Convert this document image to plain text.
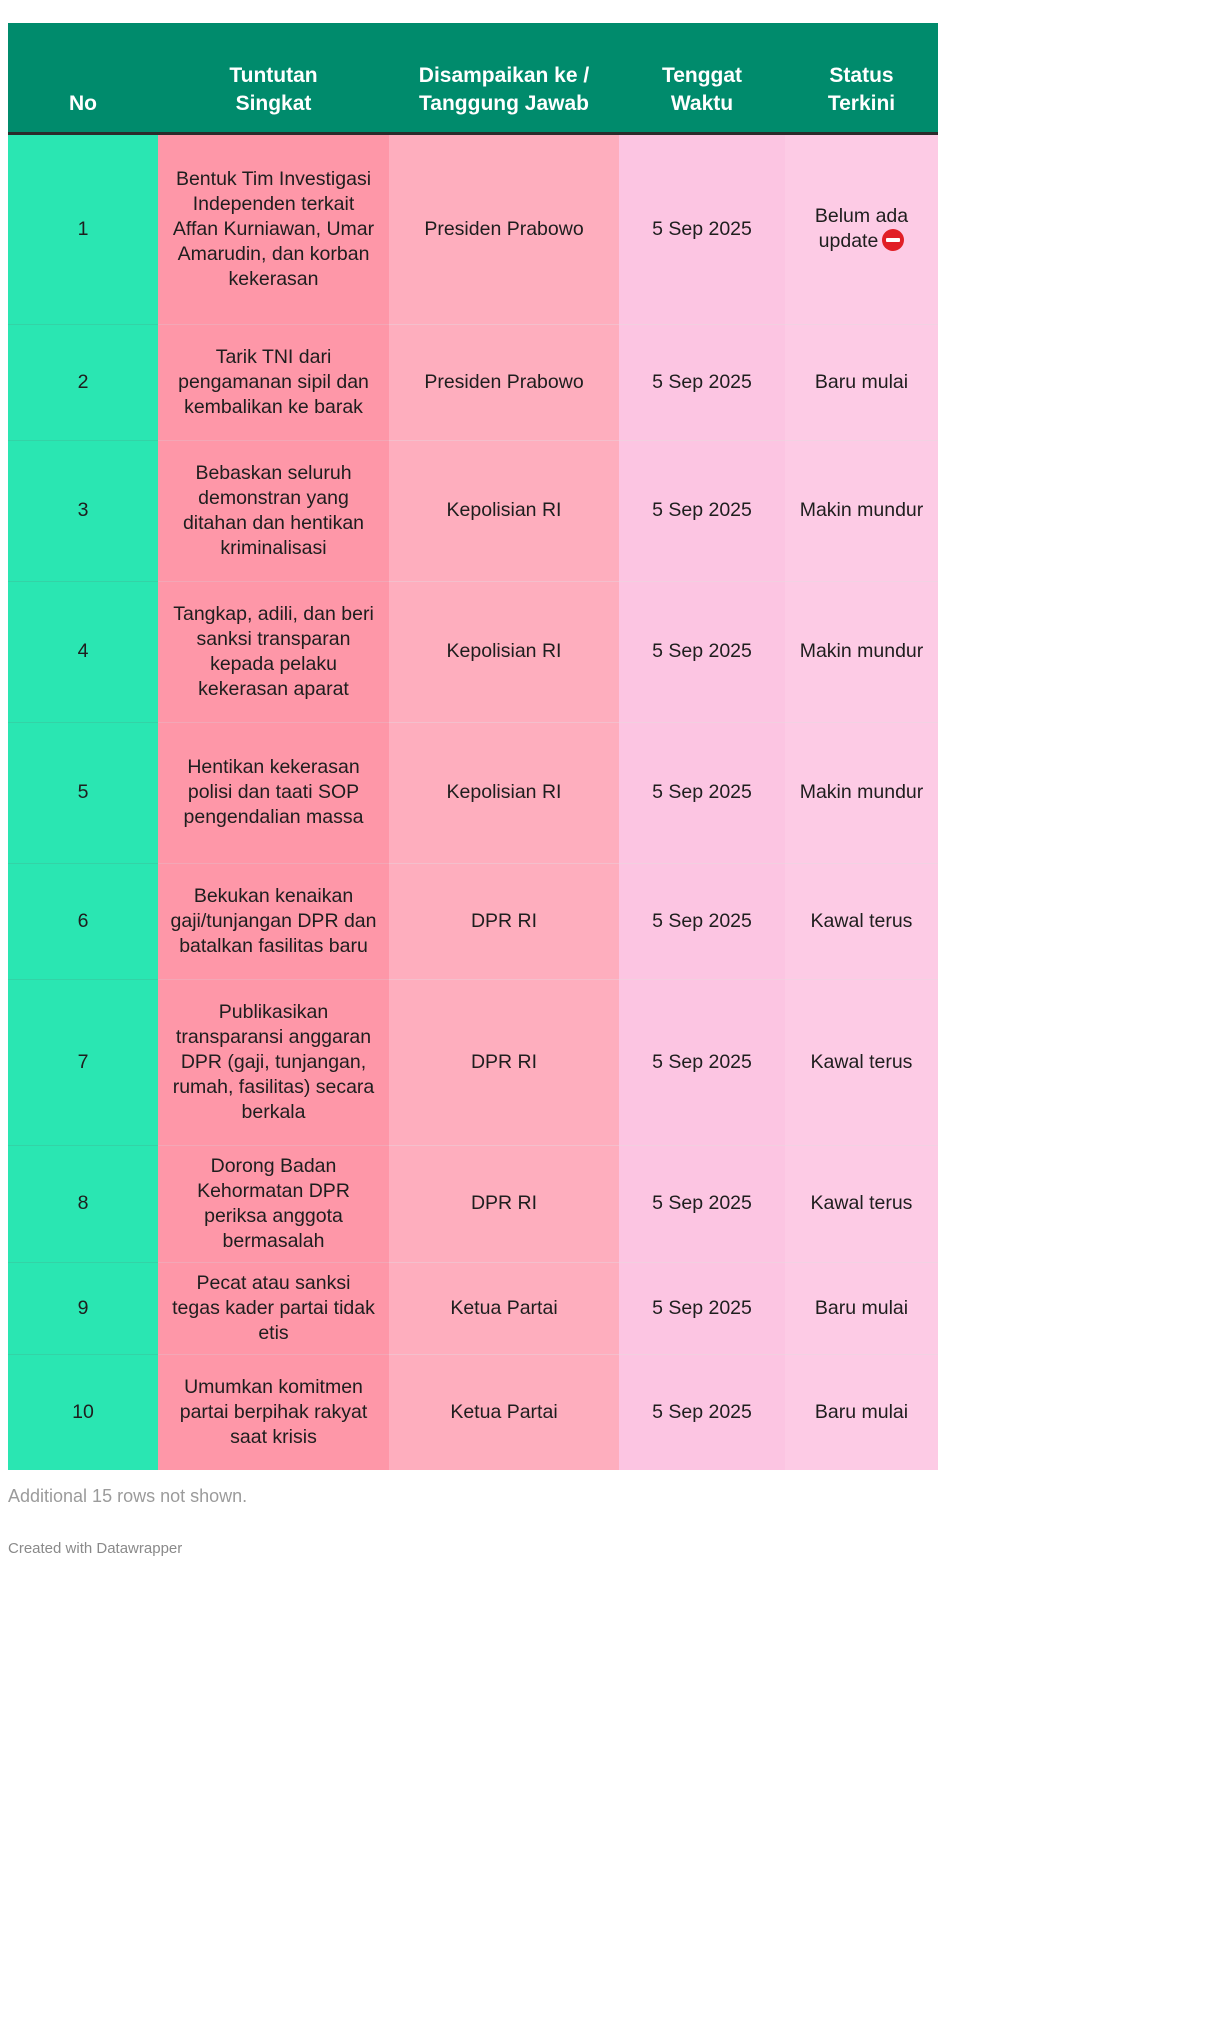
No	Tuntutan Singkat	Disampaikan ke / Tanggung Jawab	Tenggat Waktu	Status Terkini
1	Bentuk Tim Investigasi Independen terkait Affan Kurniawan, Umar Amarudin, dan korban kekerasan	Presiden Prabowo	5 Sep 2025	Belum ada update
2	Tarik TNI dari pengamanan sipil dan kembalikan ke barak	Presiden Prabowo	5 Sep 2025	Baru mulai
3	Bebaskan seluruh demonstran yang ditahan dan hentikan kriminalisasi	Kepolisian RI	5 Sep 2025	Makin mundur
4	Tangkap, adili, dan beri sanksi transparan kepada pelaku kekerasan aparat	Kepolisian RI	5 Sep 2025	Makin mundur
5	Hentikan kekerasan polisi dan taati SOP pengendalian massa	Kepolisian RI	5 Sep 2025	Makin mundur
6	Bekukan kenaikan gaji/tunjangan DPR dan batalkan fasilitas baru	DPR RI	5 Sep 2025	Kawal terus
7	Publikasikan transparansi anggaran DPR (gaji, tunjangan, rumah, fasilitas) secara berkala	DPR RI	5 Sep 2025	Kawal terus
8	Dorong Badan Kehormatan DPR periksa anggota bermasalah	DPR RI	5 Sep 2025	Kawal terus
9	Pecat atau sanksi tegas kader partai tidak etis	Ketua Partai	5 Sep 2025	Baru mulai
10	Umumkan komitmen partai berpihak rakyat saat krisis	Ketua Partai	5 Sep 2025	Baru mulai
Additional 15 rows not shown.
Created with Datawrapper
